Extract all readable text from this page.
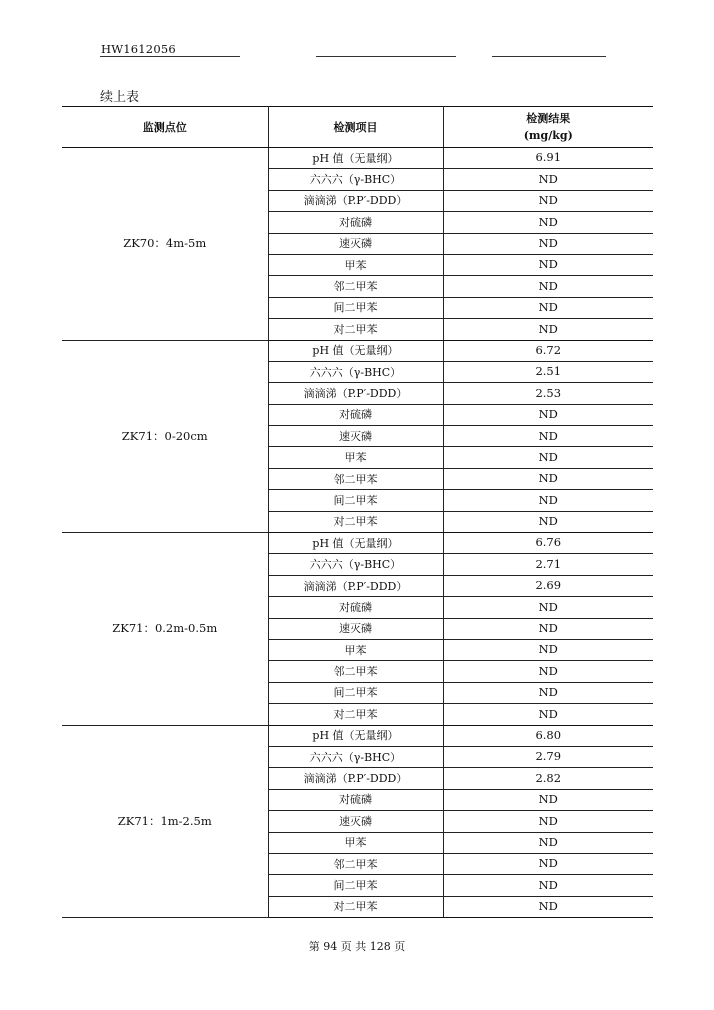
HW1612056
续上表
监测点位	检测项目	检测结果
(mg/kg)
ZK70：4m-5m	pH 值（无量纲）	6.91
	六六六（γ-BHC）	ND
	滴滴涕（P.P′-DDD）	ND
	对硫磷	ND
	速灭磷	ND
	甲苯	ND
	邻二甲苯	ND
	间二甲苯	ND
	对二甲苯	ND
ZK71：0-20cm	pH 值（无量纲）	6.72
	六六六（γ-BHC）	2.51
	滴滴涕（P.P′-DDD）	2.53
	对硫磷	ND
	速灭磷	ND
	甲苯	ND
	邻二甲苯	ND
	间二甲苯	ND
	对二甲苯	ND
ZK71：0.2m-0.5m	pH 值（无量纲）	6.76
	六六六（γ-BHC）	2.71
	滴滴涕（P.P′-DDD）	2.69
	对硫磷	ND
	速灭磷	ND
	甲苯	ND
	邻二甲苯	ND
	间二甲苯	ND
	对二甲苯	ND
ZK71：1m-2.5m	pH 值（无量纲）	6.80
	六六六（γ-BHC）	2.79
	滴滴涕（P.P′-DDD）	2.82
	对硫磷	ND
	速灭磷	ND
	甲苯	ND
	邻二甲苯	ND
	间二甲苯	ND
	对二甲苯	ND
第 94 页 共 128 页
